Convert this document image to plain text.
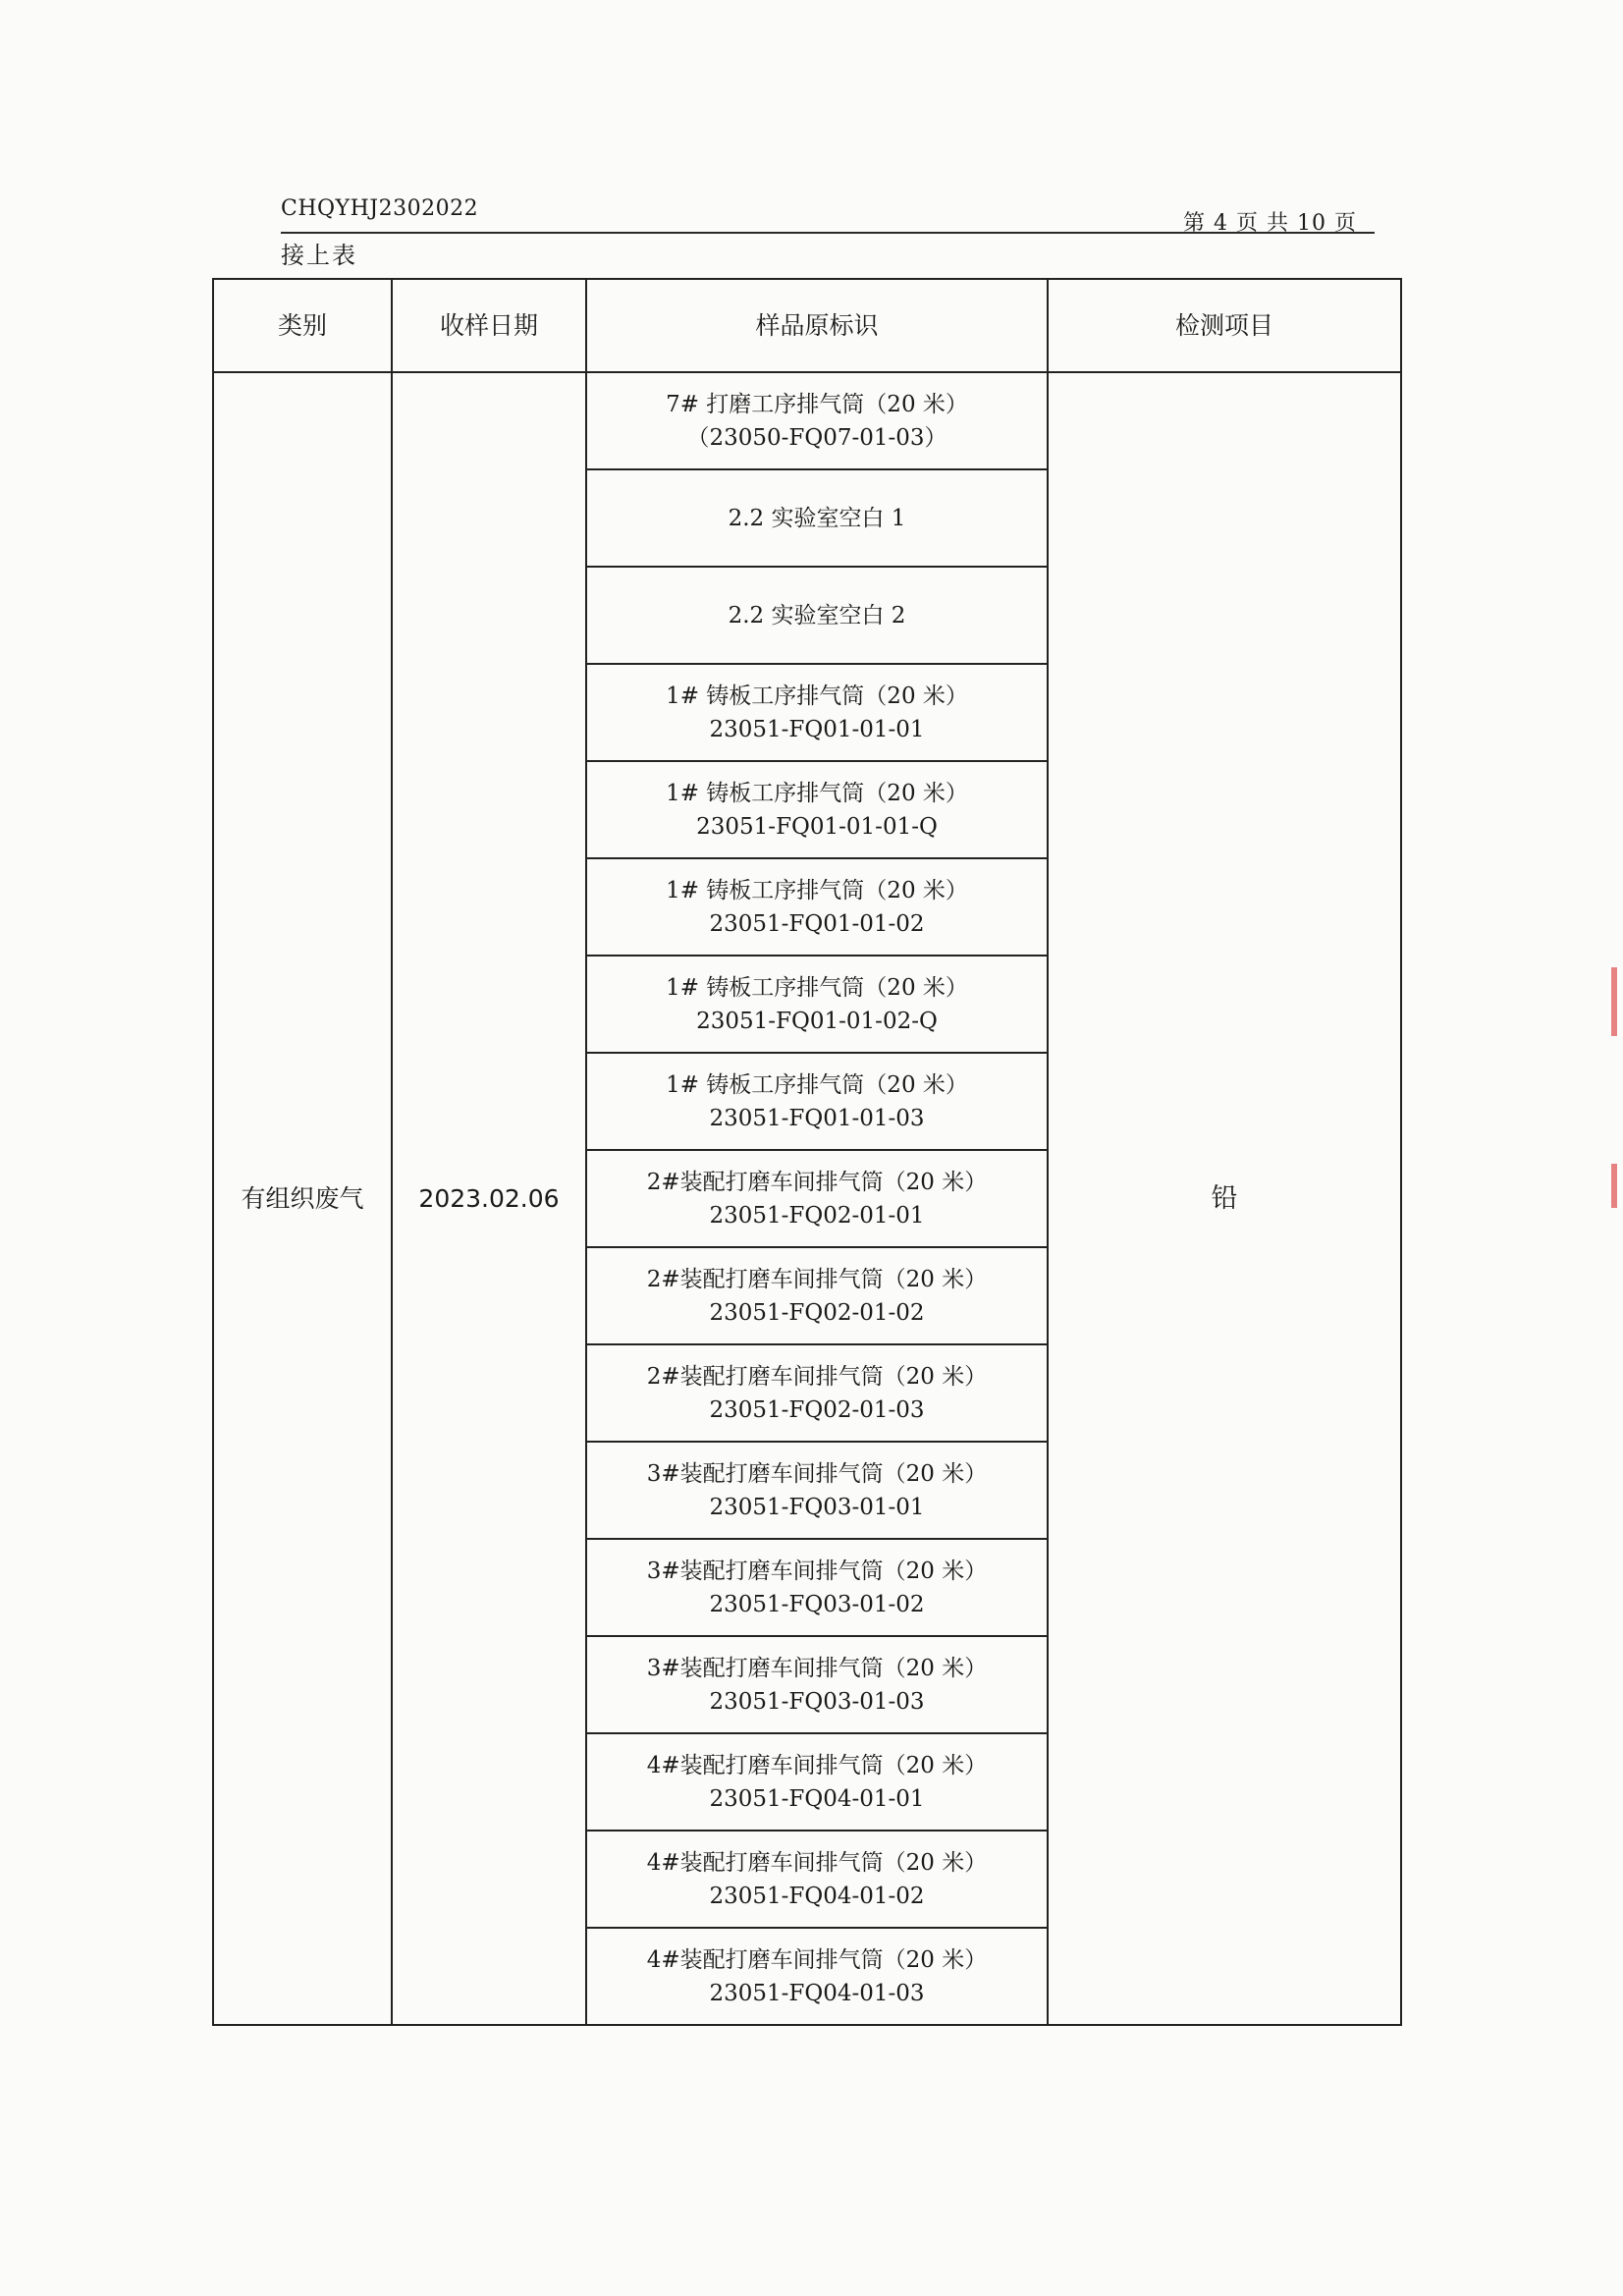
CHQYHJ2302022
第 4 页 共 10 页
接上表
类别	收样日期	样品原标识	检测项目
有组织废气	2023.02.06	7# 打磨工序排气筒（20 米）
（23050-FQ07-01-03）	铅

		2.2 实验室空白 1	

		2.2 实验室空白 2	

		1# 铸板工序排气筒（20 米）
23051-FQ01-01-01	

		1# 铸板工序排气筒（20 米）
23051-FQ01-01-01-Q	

		1# 铸板工序排气筒（20 米）
23051-FQ01-01-02	

		1# 铸板工序排气筒（20 米）
23051-FQ01-01-02-Q	

		1# 铸板工序排气筒（20 米）
23051-FQ01-01-03	

		2#装配打磨车间排气筒（20 米）
23051-FQ02-01-01	

		2#装配打磨车间排气筒（20 米）
23051-FQ02-01-02	

		2#装配打磨车间排气筒（20 米）
23051-FQ02-01-03	

		3#装配打磨车间排气筒（20 米）
23051-FQ03-01-01	

		3#装配打磨车间排气筒（20 米）
23051-FQ03-01-02	

		3#装配打磨车间排气筒（20 米）
23051-FQ03-01-03	

		4#装配打磨车间排气筒（20 米）
23051-FQ04-01-01	

		4#装配打磨车间排气筒（20 米）
23051-FQ04-01-02	

		4#装配打磨车间排气筒（20 米）
23051-FQ04-01-03	
